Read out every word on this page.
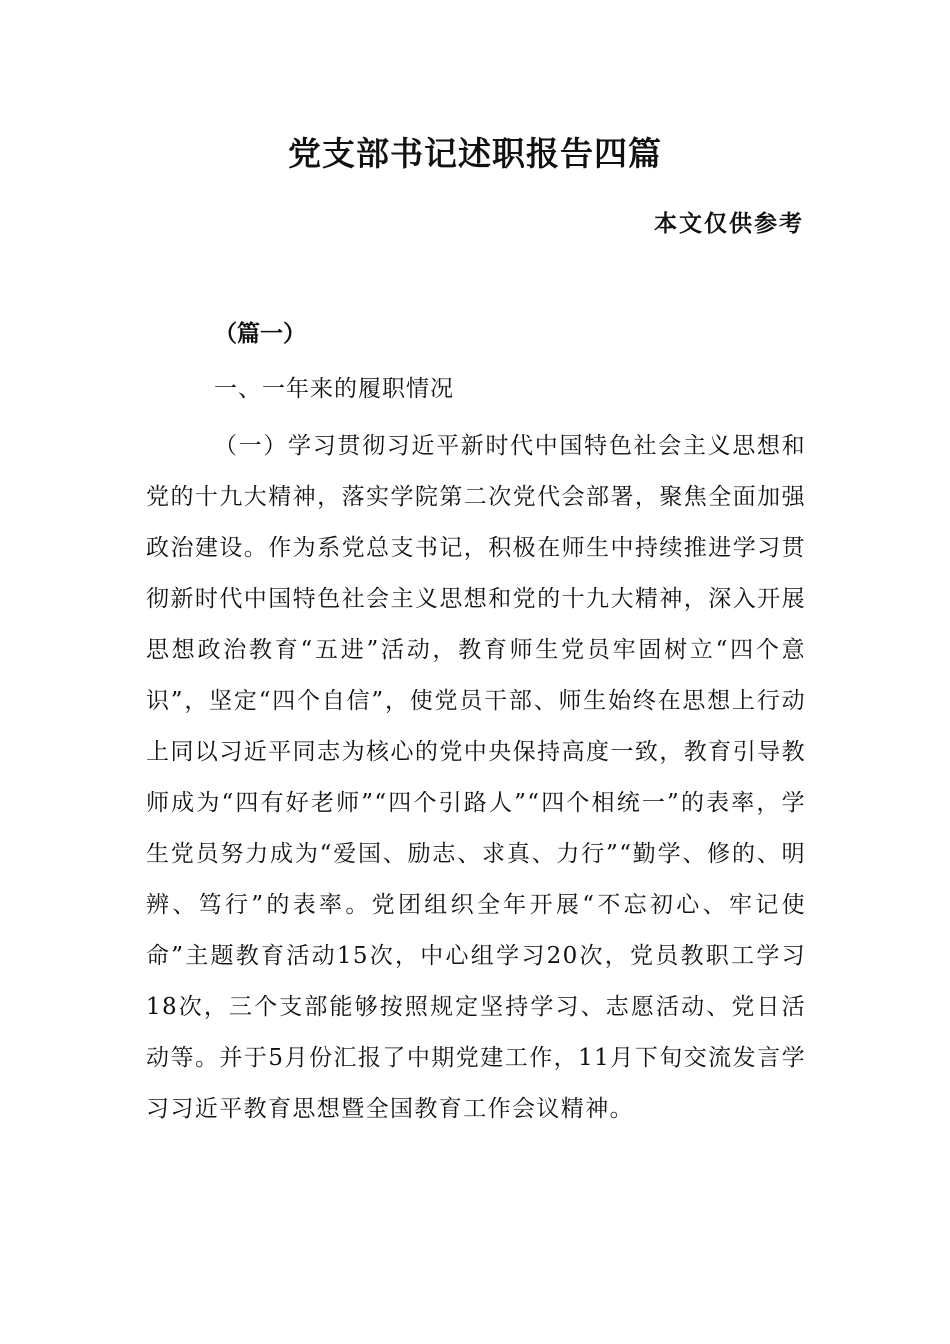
党支部书记述职报告四篇
本文仅供参考
（篇一）
一、一年来的履职情况

（一）学习贯彻习近平新时代中国特色社会主义思想和党的十九大精神，落实学院第二次党代会部署，聚焦全面加强政治建设。作为系党总支书记，积极在师生中持续推进学习贯彻新时代中国特色社会主义思想和党的十九大精神，深入开展思想政治教育“五进”活动，教育师生党员牢固树立“四个意识”，坚定“四个自信”，使党员干部、师生始终在思想上行动上同以习近平同志为核心的党中央保持高度一致，教育引导教师成为“四有好老师”“四个引路人”“四个相统一”的表率，学生党员努力成为“爱国、励志、求真、力行”“勤学、修的、明辨、笃行”的表率。党团组织全年开展“不忘初心、牢记使命”主题教育活动15次，中心组学习20次，党员教职工学习18次，三个支部能够按照规定坚持学习、志愿活动、党日活动等。并于5月份汇报了中期党建工作，11月下旬交流发言学习习近平教育思想暨全国教育工作会议精神。
